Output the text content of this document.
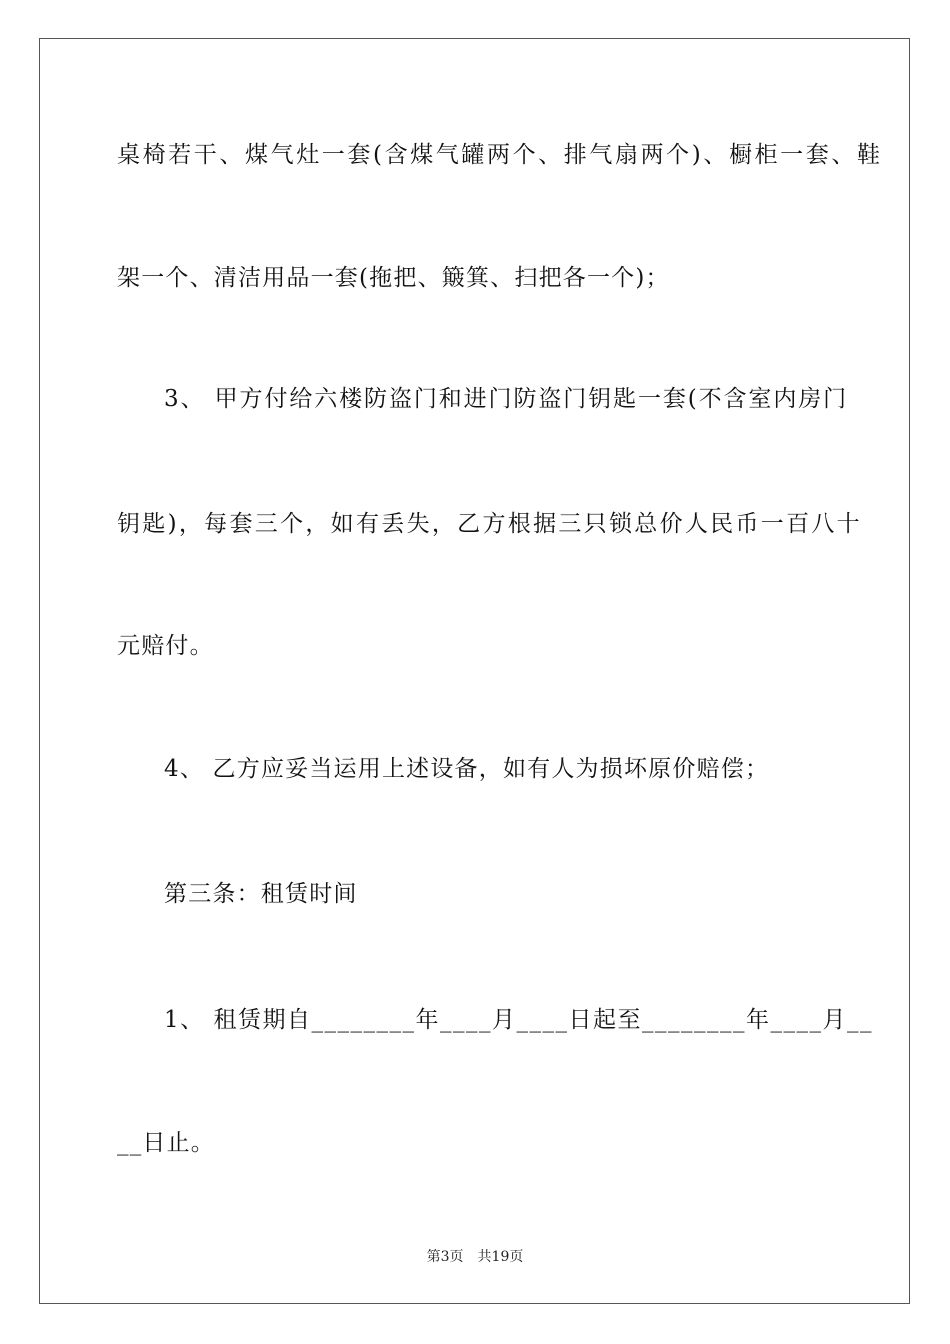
桌椅若干、煤气灶一套(含煤气罐两个、排气扇两个)、橱柜一套、鞋
架一个、清洁用品一套(拖把、簸箕、扫把各一个)；
3、 甲方付给六楼防盗门和进门防盗门钥匙一套(不含室内房门
钥匙)，每套三个，如有丢失，乙方根据三只锁总价人民币一百八十
元赔付。
4、 乙方应妥当运用上述设备，如有人为损坏原价赔偿；
第三条：租赁时间
1、 租赁期自________年____月____日起至________年____月__
__日止。
第3页 共19页
